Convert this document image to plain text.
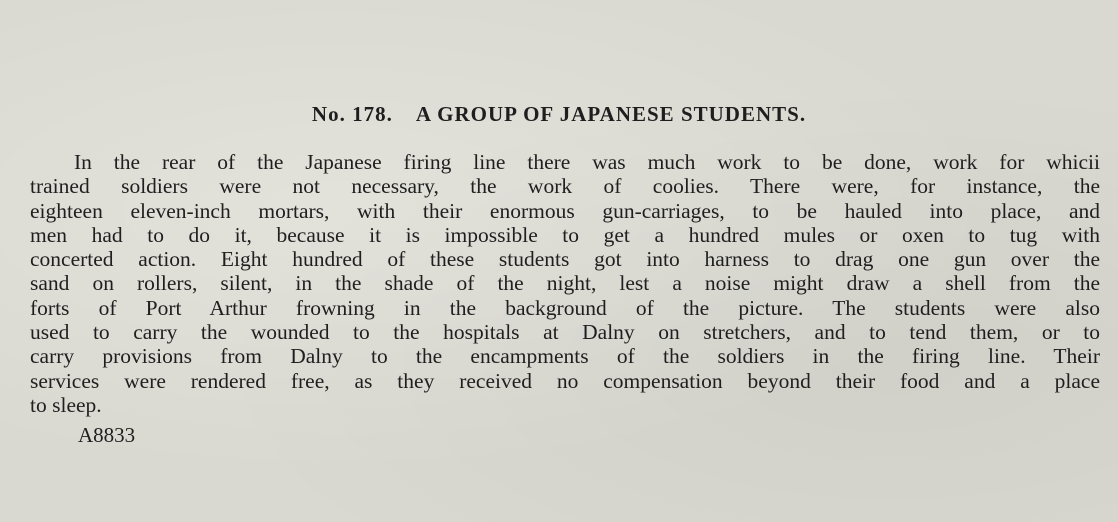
No. 178. A GROUP OF JAPANESE STUDENTS.
In the rear of the Japanese firing line there was much work to be done, work for whicii
trained soldiers were not necessary, the work of coolies. There were, for instance, the
eighteen eleven-inch mortars, with their enormous gun-carriages, to be hauled into place, and
men had to do it, because it is impossible to get a hundred mules or oxen to tug with
concerted action. Eight hundred of these students got into harness to drag one gun over the
sand on rollers, silent, in the shade of the night, lest a noise might draw a shell from the
forts of Port Arthur frowning in the background of the picture. The students were also
used to carry the wounded to the hospitals at Dalny on stretchers, and to tend them, or to
carry provisions from Dalny to the encampments of the soldiers in the firing line. Their
services were rendered free, as they received no compensation beyond their food and a place
to sleep.
A8833
